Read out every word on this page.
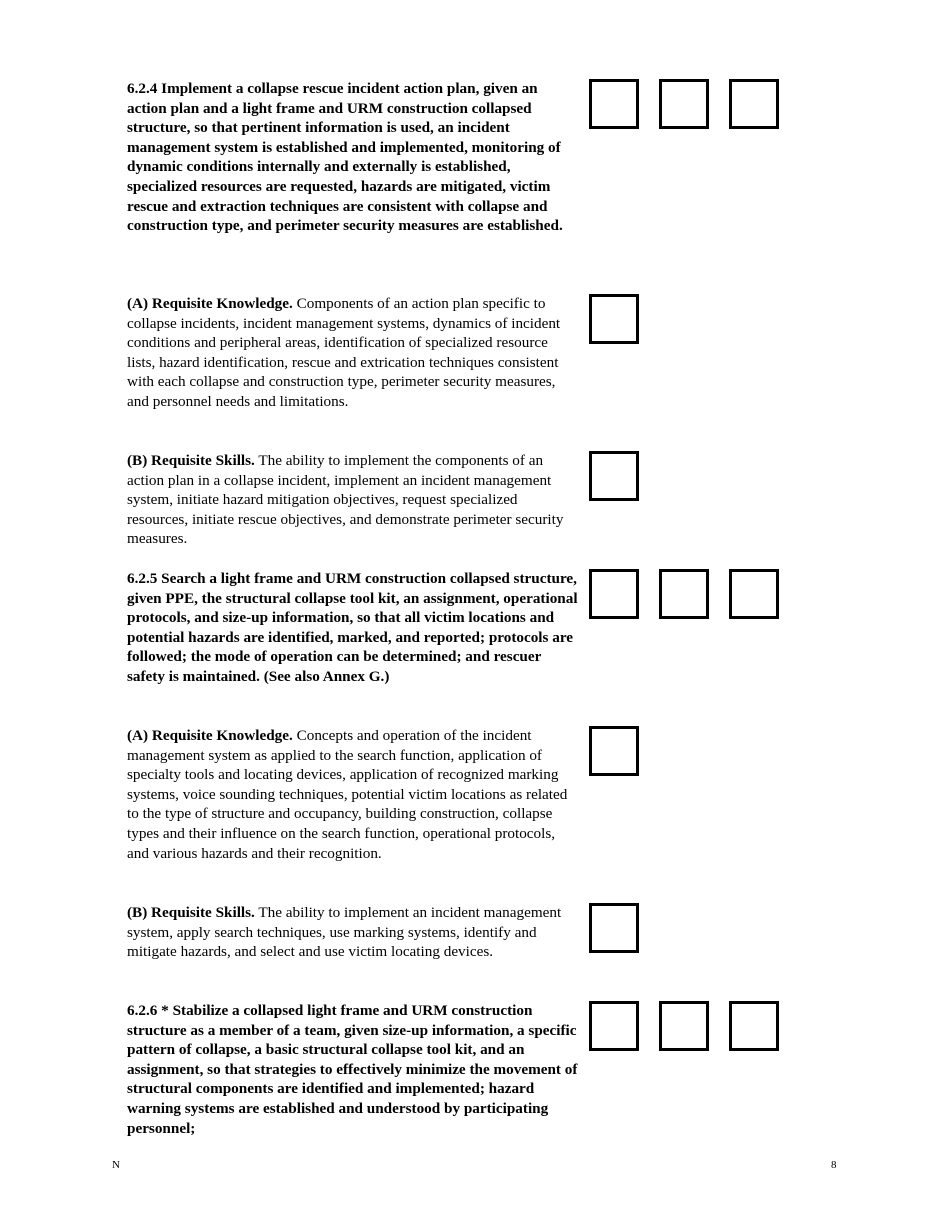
6.2.4 Implement a collapse rescue incident action plan, given an action plan and a light frame and URM construction collapsed structure, so that pertinent information is used, an incident management system is established and implemented, monitoring of dynamic conditions internally and externally is established, specialized resources are requested, hazards are mitigated, victim rescue and extraction techniques are consistent with collapse and construction type, and perimeter security measures are established.

(A) Requisite Knowledge. Components of an action plan specific to collapse incidents, incident management systems, dynamics of incident conditions and peripheral areas, identification of specialized resource lists, hazard identification, rescue and extrication techniques consistent with each collapse and construction type, perimeter security measures, and personnel needs and limitations.

(B) Requisite Skills. The ability to implement the components of an action plan in a collapse incident, implement an incident management system, initiate hazard mitigation objectives, request specialized resources, initiate rescue objectives, and demonstrate perimeter security measures.

6.2.5 Search a light frame and URM construction collapsed structure, given PPE, the structural collapse tool kit, an assignment, operational protocols, and size-up information, so that all victim locations and potential hazards are identified, marked, and reported; protocols are followed; the mode of operation can be determined; and rescuer safety is maintained. (See also Annex G.)

(A) Requisite Knowledge. Concepts and operation of the incident management system as applied to the search function, application of specialty tools and locating devices, application of recognized marking systems, voice sounding techniques, potential victim locations as related to the type of structure and occupancy, building construction, collapse types and their influence on the search function, operational protocols, and various hazards and their recognition.

(B) Requisite Skills. The ability to implement an incident management system, apply search techniques, use marking systems, identify and mitigate hazards, and select and use victim locating devices.

6.2.6 * Stabilize a collapsed light frame and URM construction structure as a member of a team, given size-up information, a specific pattern of collapse, a basic structural collapse tool kit, and an assignment, so that strategies to effectively minimize the movement of structural components are identified and implemented; hazard warning systems are established and understood by participating personnel;

N	8
